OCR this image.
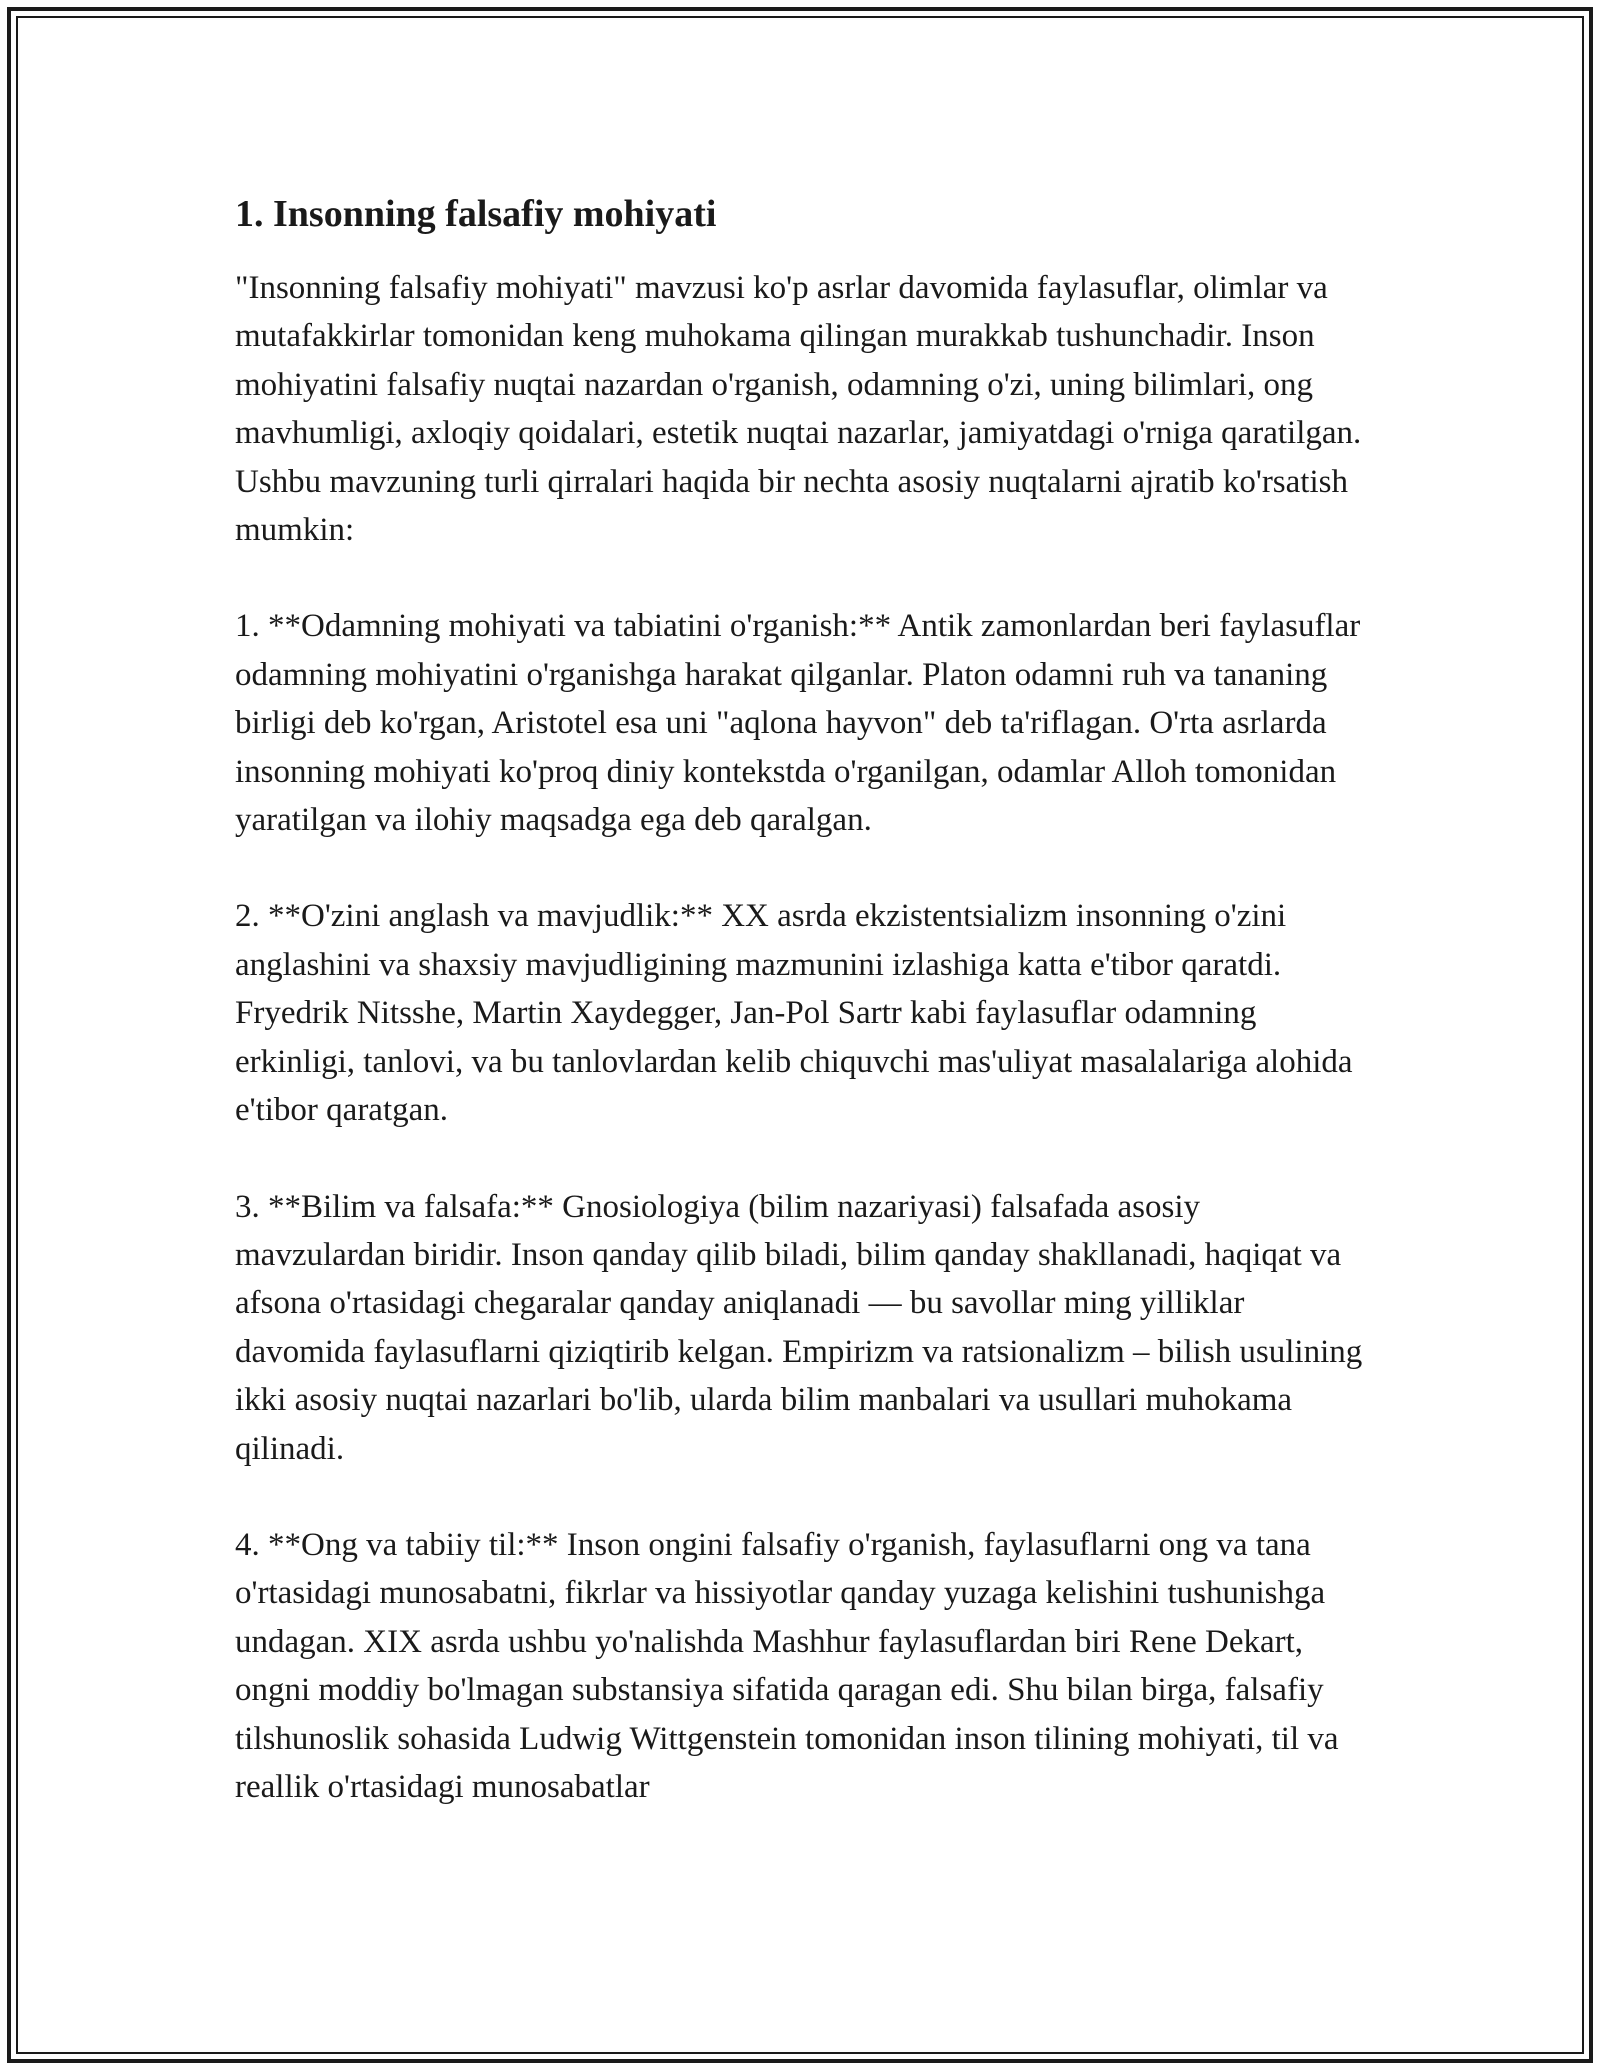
1. Insonning falsafiy mohiyati

"Insonning falsafiy mohiyati" mavzusi ko'p asrlar davomida faylasuflar, olimlar va mutafakkirlar tomonidan keng muhokama qilingan murakkab tushunchadir. Inson mohiyatini falsafiy nuqtai nazardan o'rganish, odamning o'zi, uning bilimlari, ong mavhumligi, axloqiy qoidalari, estetik nuqtai nazarlar, jamiyatdagi o'rniga qaratilgan. Ushbu mavzuning turli qirralari haqida bir nechta asosiy nuqtalarni ajratib ko'rsatish mumkin:

1. **Odamning mohiyati va tabiatini o'rganish:** Antik zamonlardan beri faylasuflar odamning mohiyatini o'rganishga harakat qilganlar. Platon odamni ruh va tananing birligi deb ko'rgan, Aristotel esa uni "aqlona hayvon" deb ta'riflagan. O'rta asrlarda insonning mohiyati ko'proq diniy kontekstda o'rganilgan, odamlar Alloh tomonidan yaratilgan va ilohiy maqsadga ega deb qaralgan.

2. **O'zini anglash va mavjudlik:** XX asrda ekzistentsializm insonning o'zini anglashini va shaxsiy mavjudligining mazmunini izlashiga katta e'tibor qaratdi. Fryedrik Nitsshe, Martin Xaydegger, Jan-Pol Sartr kabi faylasuflar odamning erkinligi, tanlovi, va bu tanlovlardan kelib chiquvchi mas'uliyat masalalariga alohida e'tibor qaratgan.

3. **Bilim va falsafa:** Gnosiologiya (bilim nazariyasi) falsafada asosiy mavzulardan biridir. Inson qanday qilib biladi, bilim qanday shakllanadi, haqiqat va afsona o'rtasidagi chegaralar qanday aniqlanadi — bu savollar ming yilliklar davomida faylasuflarni qiziqtirib kelgan. Empirizm va ratsionalizm – bilish usulining ikki asosiy nuqtai nazarlari bo'lib, ularda bilim manbalari va usullari muhokama qilinadi.

4. **Ong va tabiiy til:** Inson ongini falsafiy o'rganish, faylasuflarni ong va tana o'rtasidagi munosabatni, fikrlar va hissiyotlar qanday yuzaga kelishini tushunishga undagan. XIX asrda ushbu yo'nalishda Mashhur faylasuflardan biri Rene Dekart, ongni moddiy bo'lmagan substansiya sifatida qaragan edi. Shu bilan birga, falsafiy tilshunoslik sohasida Ludwig Wittgenstein tomonidan inson tilining mohiyati, til va reallik o'rtasidagi munosabatlar
